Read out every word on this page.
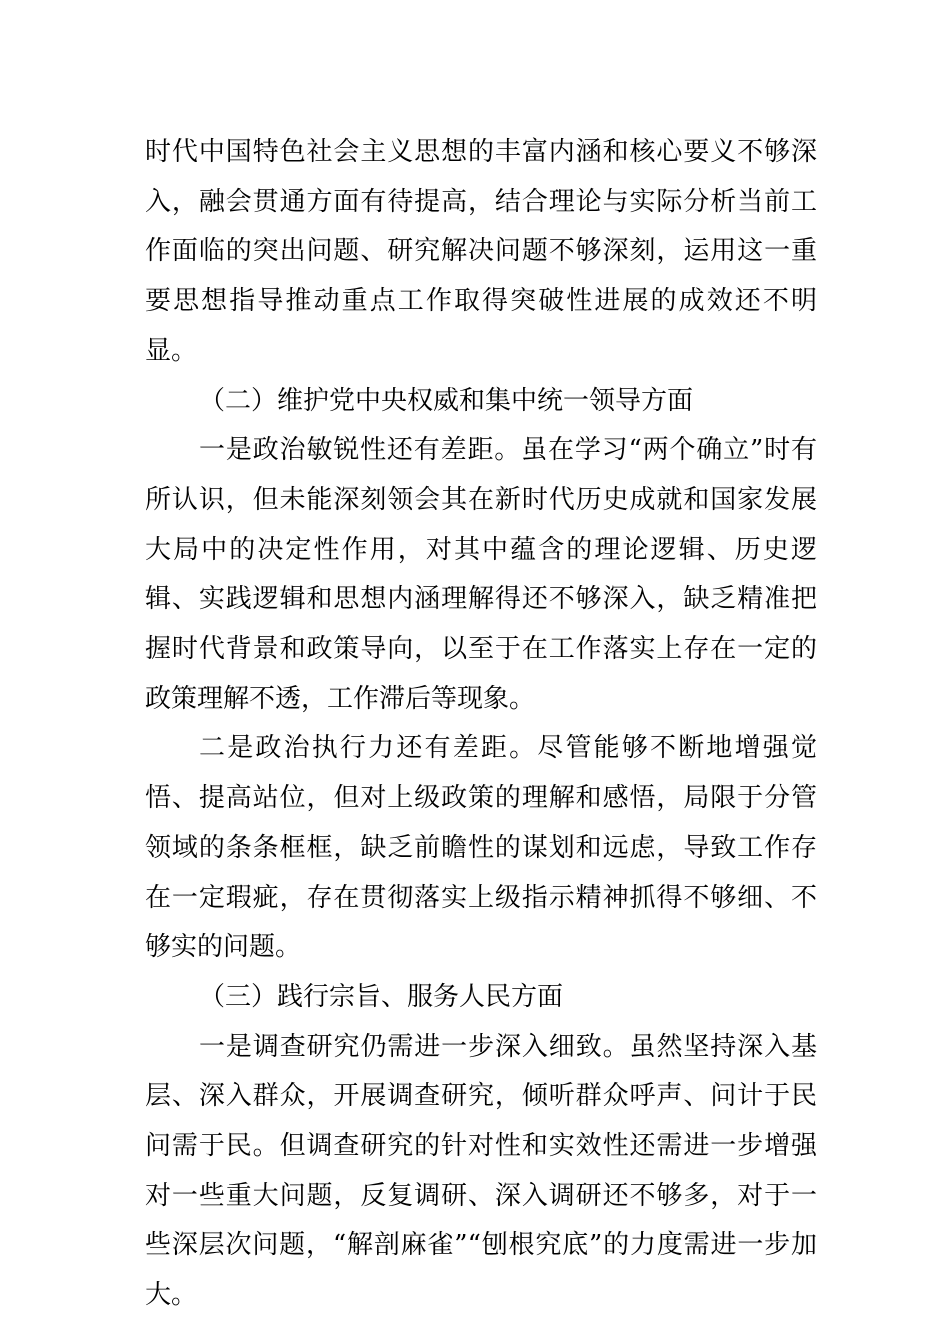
时代中国特色社会主义思想的丰富内涵和核心要义不够深入，融会贯通方面有待提高，结合理论与实际分析当前工作面临的突出问题、研究解决问题不够深刻，运用这一重要思想指导推动重点工作取得突破性进展的成效还不明显。

（二）维护党中央权威和集中统一领导方面

一是政治敏锐性还有差距。虽在学习“两个确立”时有所认识，但未能深刻领会其在新时代历史成就和国家发展大局中的决定性作用，对其中蕴含的理论逻辑、历史逻辑、实践逻辑和思想内涵理解得还不够深入，缺乏精准把握时代背景和政策导向，以至于在工作落实上存在一定的政策理解不透，工作滞后等现象。

二是政治执行力还有差距。尽管能够不断地增强觉悟、提高站位，但对上级政策的理解和感悟，局限于分管领域的条条框框，缺乏前瞻性的谋划和远虑，导致工作存在一定瑕疵，存在贯彻落实上级指示精神抓得不够细、不够实的问题。

（三）践行宗旨、服务人民方面

一是调查研究仍需进一步深入细致。虽然坚持深入基层、深入群众，开展调查研究，倾听群众呼声、问计于民问需于民。但调查研究的针对性和实效性还需进一步增强对一些重大问题，反复调研、深入调研还不够多，对于一些深层次问题，“解剖麻雀”“刨根究底”的力度需进一步加大。
